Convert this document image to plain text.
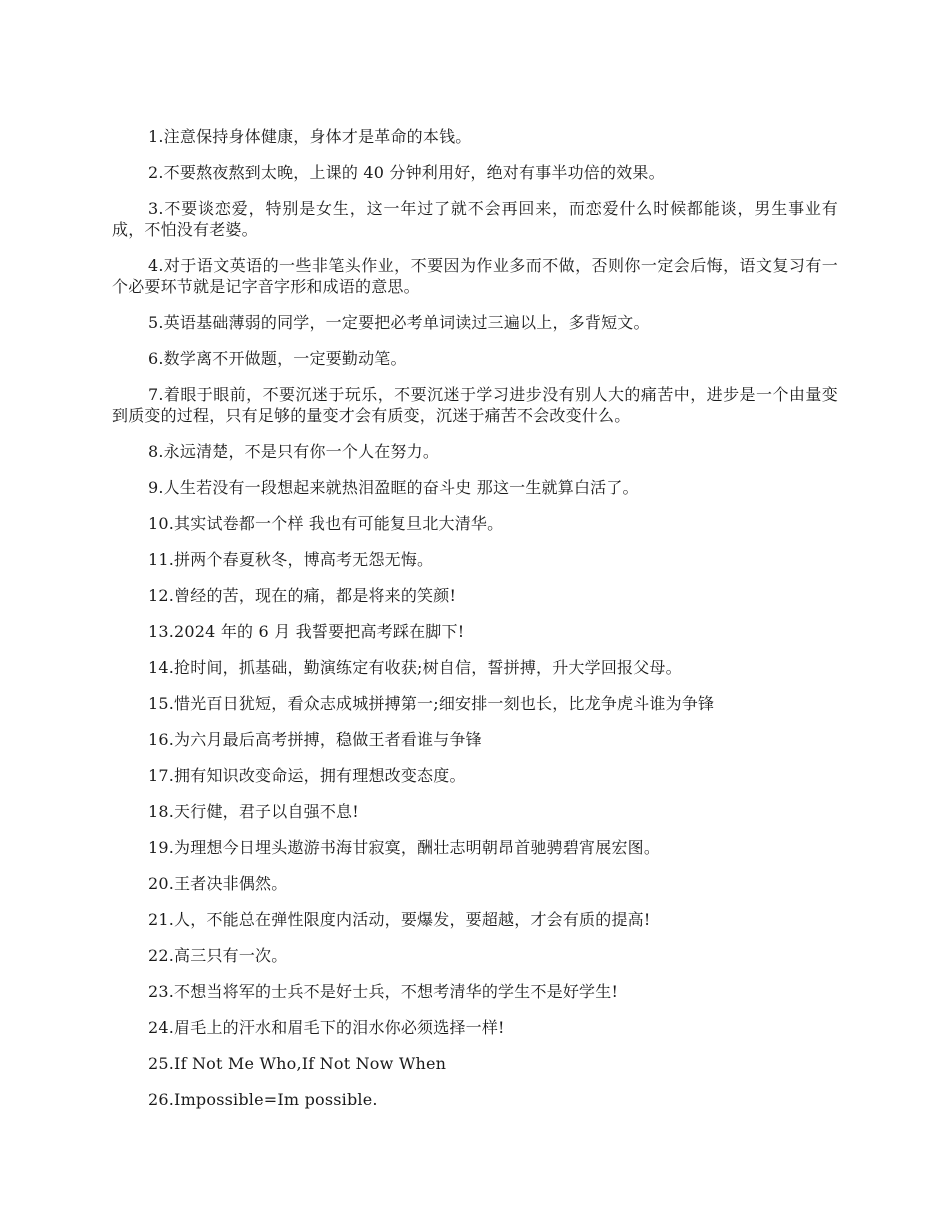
1.注意保持身体健康，身体才是革命的本钱。

2.不要熬夜熬到太晚，上课的 40 分钟利用好，绝对有事半功倍的效果。

3.不要谈恋爱，特别是女生，这一年过了就不会再回来，而恋爱什么时候都能谈，男生事业有成，不怕没有老婆。

4.对于语文英语的一些非笔头作业，不要因为作业多而不做，否则你一定会后悔，语文复习有一个必要环节就是记字音字形和成语的意思。

5.英语基础薄弱的同学，一定要把必考单词读过三遍以上，多背短文。

6.数学离不开做题，一定要勤动笔。

7.着眼于眼前，不要沉迷于玩乐，不要沉迷于学习进步没有别人大的痛苦中，进步是一个由量变到质变的过程，只有足够的量变才会有质变，沉迷于痛苦不会改变什么。

8.永远清楚，不是只有你一个人在努力。

9.人生若没有一段想起来就热泪盈眶的奋斗史 那这一生就算白活了。

10.其实试卷都一个样 我也有可能复旦北大清华。

11.拼两个春夏秋冬，博高考无怨无悔。

12.曾经的苦，现在的痛，都是将来的笑颜!

13.2024 年的 6 月 我誓要把高考踩在脚下!

14.抢时间，抓基础，勤演练定有收获;树自信，誓拼搏，升大学回报父母。

15.惜光百日犹短，看众志成城拼搏第一;细安排一刻也长，比龙争虎斗谁为争锋

16.为六月最后高考拼搏，稳做王者看谁与争锋

17.拥有知识改变命运，拥有理想改变态度。

18.天行健，君子以自强不息!

19.为理想今日埋头遨游书海甘寂寞，酬壮志明朝昂首驰骋碧宵展宏图。

20.王者决非偶然。

21.人，不能总在弹性限度内活动，要爆发，要超越，才会有质的提高!

22.高三只有一次。

23.不想当将军的士兵不是好士兵，不想考清华的学生不是好学生!

24.眉毛上的汗水和眉毛下的泪水你必须选择一样!

25.If Not Me Who,If Not Now When

26.Impossible=Im possible.
